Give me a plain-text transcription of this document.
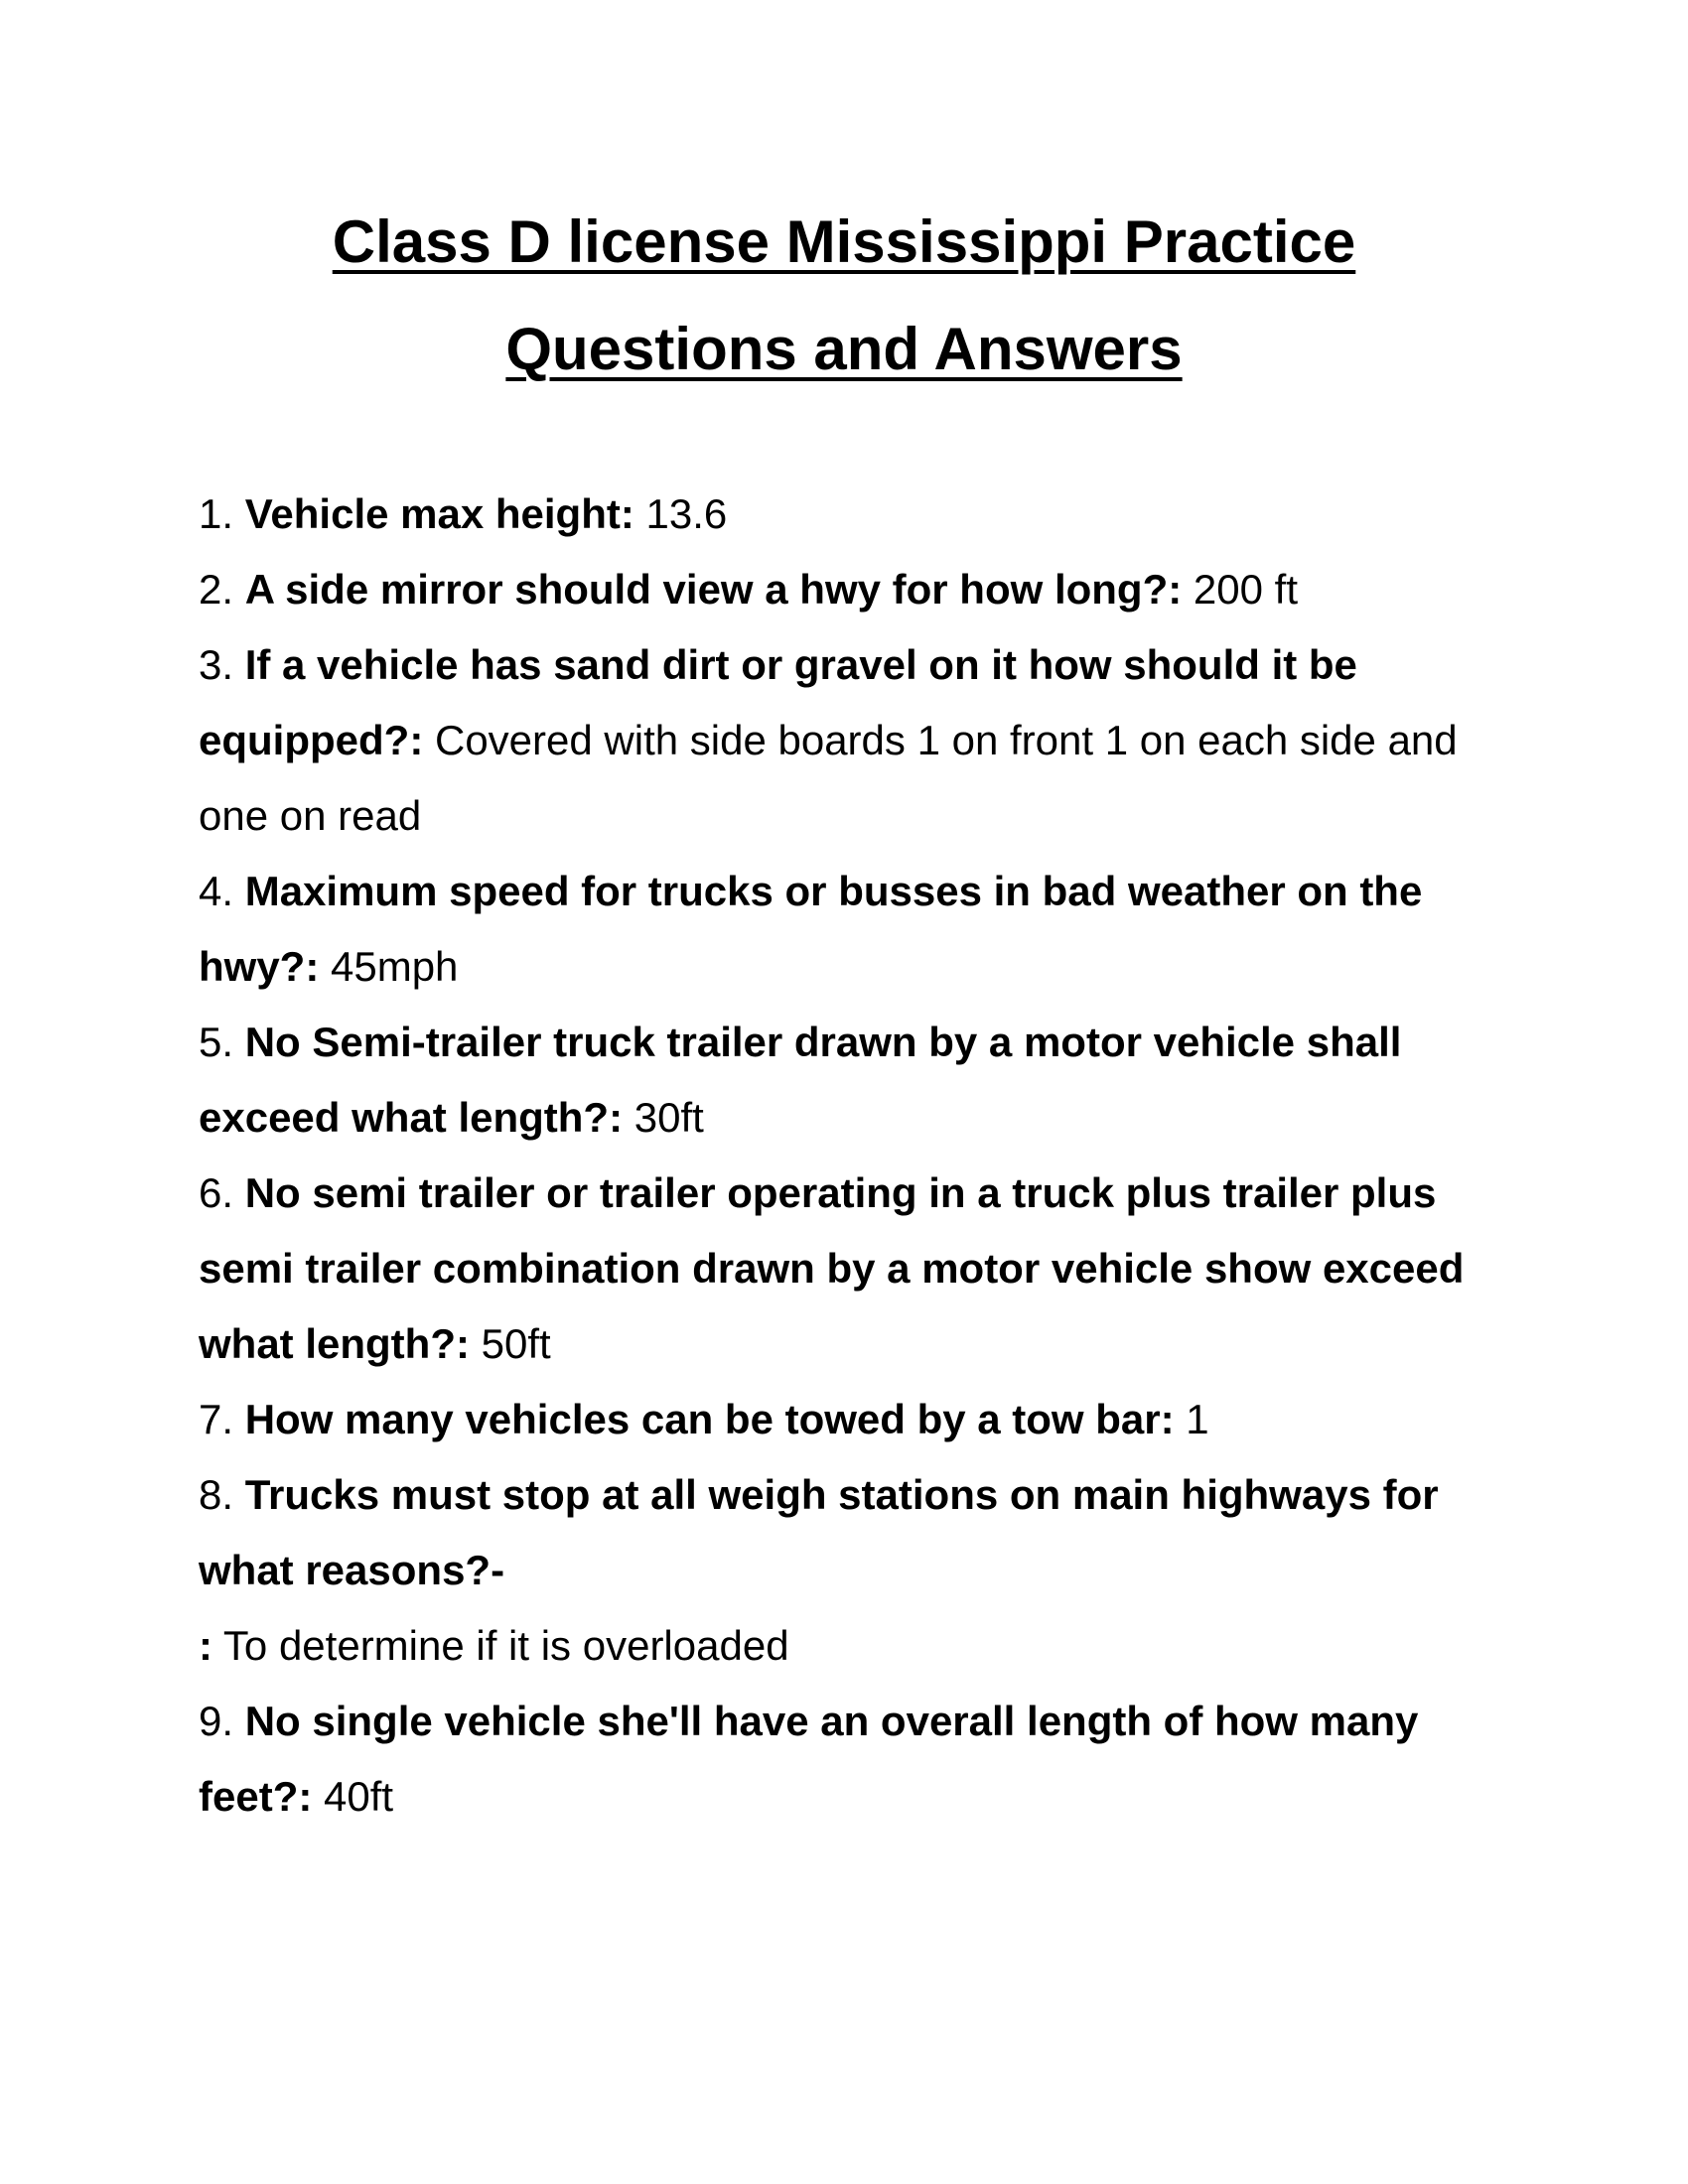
Class D license Mississippi Practice
Questions and Answers

1. Vehicle max height: 13.6

2. A side mirror should view a hwy for how long?: 200 ft

3. If a vehicle has sand dirt or gravel on it how should it be equipped?: Covered with side boards 1 on front 1 on each side and one on read

4. Maximum speed for trucks or busses in bad weather on the hwy?: 45mph

5. No Semi-trailer truck trailer drawn by a motor vehicle shall exceed what length?: 30ft

6. No semi trailer or trailer operating in a truck plus trailer plus semi trailer combination drawn by a motor vehicle show exceed what length?: 50ft

7. How many vehicles can be towed by a tow bar: 1

8. Trucks must stop at all weigh stations on main highways for what reasons?-
: To determine if it is overloaded

9. No single vehicle she'll have an overall length of how many feet?: 40ft
